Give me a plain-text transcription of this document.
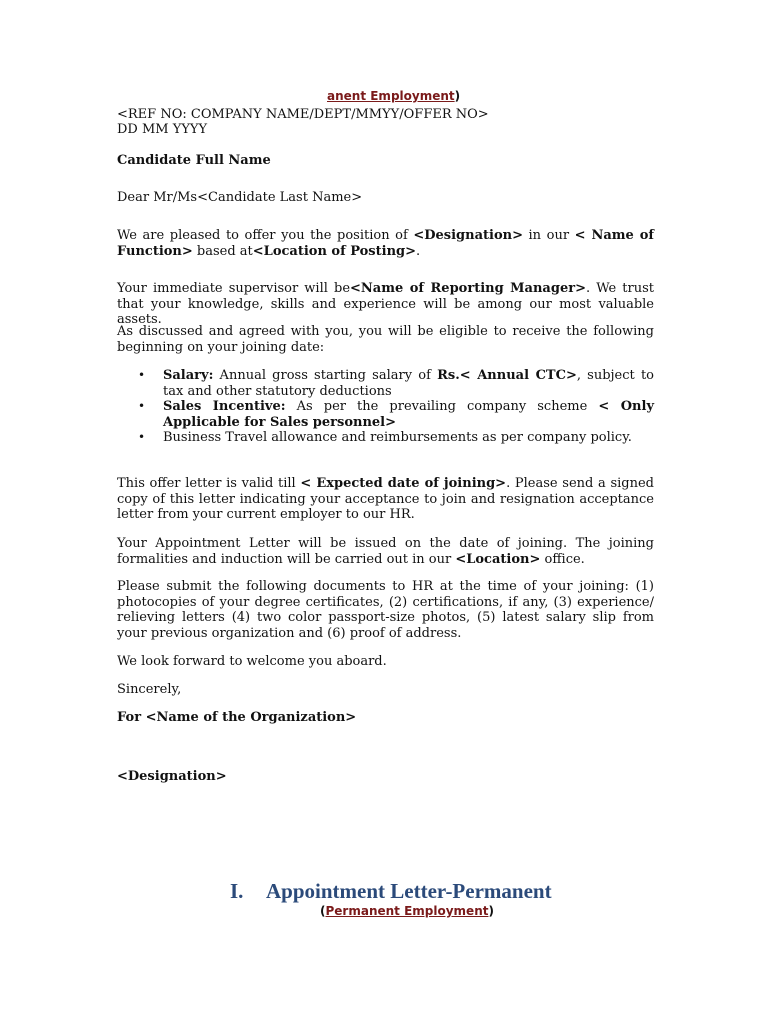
anent Employment)
<REF NO: COMPANY NAME/DEPT/MMYY/OFFER NO>
DD MM YYYY
Candidate Full Name
Dear Mr/Ms<Candidate Last Name>
We are pleased to offer you the position of <Designation> in our < Name of Function> based at<Location of Posting>.
Your immediate supervisor will be<Name of Reporting Manager>. We trust that your knowledge, skills and experience will be among our most valuable assets.
As discussed and agreed with you, you will be eligible to receive the following beginning on your joining date:
• Salary: Annual gross starting salary of Rs.< Annual CTC>, subject to tax and other statutory deductions
• Sales Incentive: As per the prevailing company scheme < Only Applicable for Sales personnel>
• Business Travel allowance and reimbursements as per company policy.
This offer letter is valid till < Expected date of joining>. Please send a signed copy of this letter indicating your acceptance to join and resignation acceptance letter from your current employer to our HR.
Your Appointment Letter will be issued on the date of joining. The joining formalities and induction will be carried out in our <Location> office.
Please submit the following documents to HR at the time of your joining: (1) photocopies of your degree certificates, (2) certifications, if any, (3) experience/ relieving letters (4) two color passport-size photos, (5) latest salary slip from your previous organization and (6) proof of address.
We look forward to welcome you aboard.
Sincerely,
For <Name of the Organization>
<Designation>
I. Appointment Letter-Permanent
(Permanent Employment)
